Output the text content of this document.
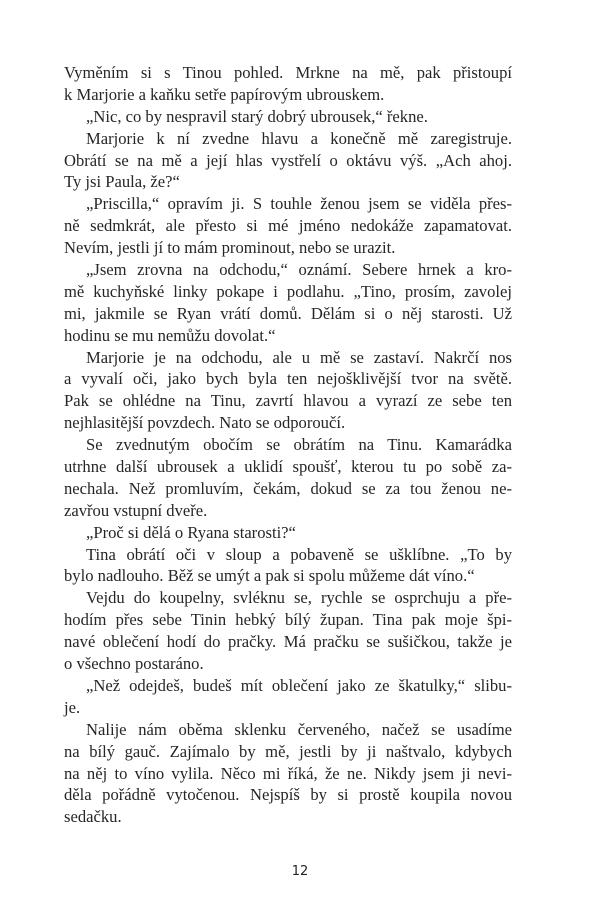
Vyměním si s Tinou pohled. Mrkne na mě, pak přistoupí
k Marjorie a kaňku setře papírovým ubrouskem.
„Nic, co by nespravil starý dobrý ubrousek,“ řekne.
Marjorie k ní zvedne hlavu a konečně mě zaregistruje.
Obrátí se na mě a její hlas vystřelí o oktávu výš. „Ach ahoj.
Ty jsi Paula, že?“
„Priscilla,“ opravím ji. S touhle ženou jsem se viděla přes-
ně sedmkrát, ale přesto si mé jméno nedokáže zapamatovat.
Nevím, jestli jí to mám prominout, nebo se urazit.
„Jsem zrovna na odchodu,“ oznámí. Sebere hrnek a kro-
mě kuchyňské linky pokape i podlahu. „Tino, prosím, zavolej
mi, jakmile se Ryan vrátí domů. Dělám si o něj starosti. Už
hodinu se mu nemůžu dovolat.“
Marjorie je na odchodu, ale u mě se zastaví. Nakrčí nos
a vyvalí oči, jako bych byla ten nejošklivější tvor na světě.
Pak se ohlédne na Tinu, zavrtí hlavou a vyrazí ze sebe ten
nejhlasitější povzdech. Nato se odporoučí.
Se zvednutým obočím se obrátím na Tinu. Kamarádka
utrhne další ubrousek a uklidí spoušť, kterou tu po sobě za-
nechala. Než promluvím, čekám, dokud se za tou ženou ne-
zavřou vstupní dveře.
„Proč si dělá o Ryana starosti?“
Tina obrátí oči v sloup a pobaveně se ušklíbne. „To by
bylo nadlouho. Běž se umýt a pak si spolu můžeme dát víno.“
Vejdu do koupelny, svléknu se, rychle se osprchuju a pře-
hodím přes sebe Tinin hebký bílý župan. Tina pak moje špi-
navé oblečení hodí do pračky. Má pračku se sušičkou, takže je
o všechno postaráno.
„Než odejdeš, budeš mít oblečení jako ze škatulky,“ slibu-
je.
Nalije nám oběma sklenku červeného, načež se usadíme
na bílý gauč. Zajímalo by mě, jestli by ji naštvalo, kdybych
na něj to víno vylila. Něco mi říká, že ne. Nikdy jsem ji nevi-
děla pořádně vytočenou. Nejspíš by si prostě koupila novou
sedačku.
12
